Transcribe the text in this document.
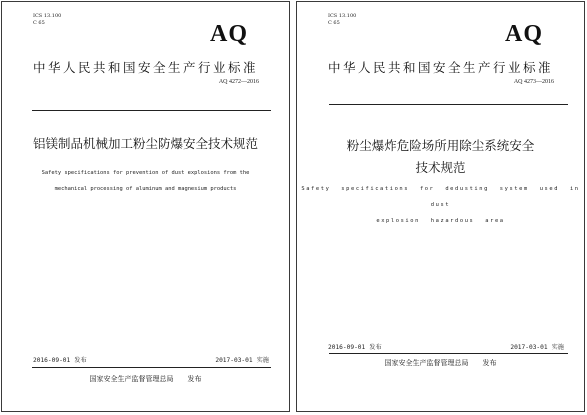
ICS 13.100
C 65	AQ
中华人民共和国安全生产行业标准
AQ 4272—2016
铝镁制品机械加工粉尘防爆安全技术规范
Safety specifications for prevention of dust explosions from the
mechanical processing of aluminum and magnesium products
2016-09-01 发布	2017-03-01 实施
国家安全生产监督管理总局 发布
ICS 13.100
C 65	AQ
中华人民共和国安全生产行业标准
AQ 4273—2016
粉尘爆炸危险场所用除尘系统安全
技术规范
Safety specifications for dedusting system used in dust
explosion hazardous area
2016-09-01 发布	2017-03-01 实施
国家安全生产监督管理总局 发布
